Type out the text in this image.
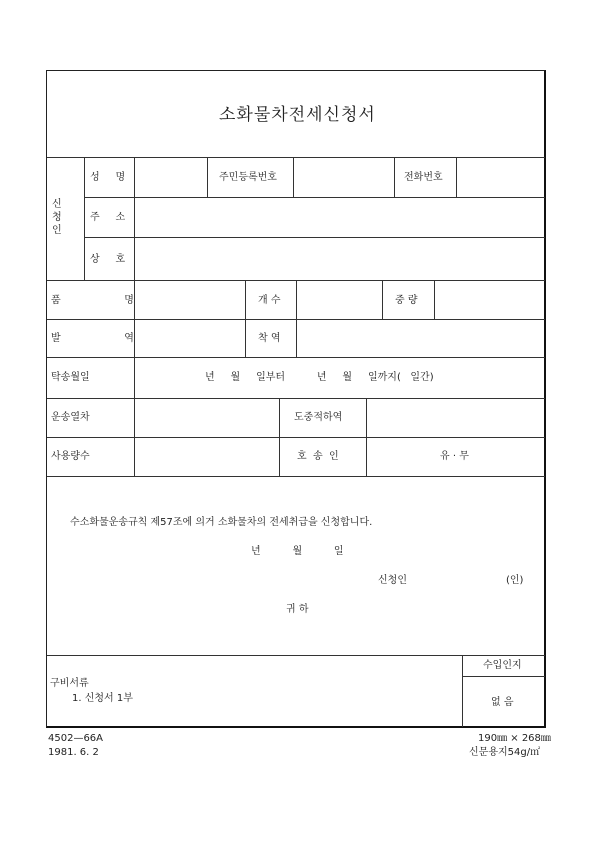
소화물차전세신청서
신
청
인
성     명	주민등록번호	전화번호
주     소
상     호
품                    명	개 수	중 량
발                    역	착 역
탁송월일	년     월     일부터          년     월     일까지(   일간)
운송열차	도중적하역
사용량수	호  송  인	유 · 무
수소화물운송규칙 제57조에 의거 소화물차의 전세취급을 신청합니다.
년          월          일
신청인	(인)
귀 하
구비서류
1. 신청서 1부
수입인지
없 음
4502—66A
1981. 6. 2
190㎜ × 268㎜
신문용지54g/㎡
